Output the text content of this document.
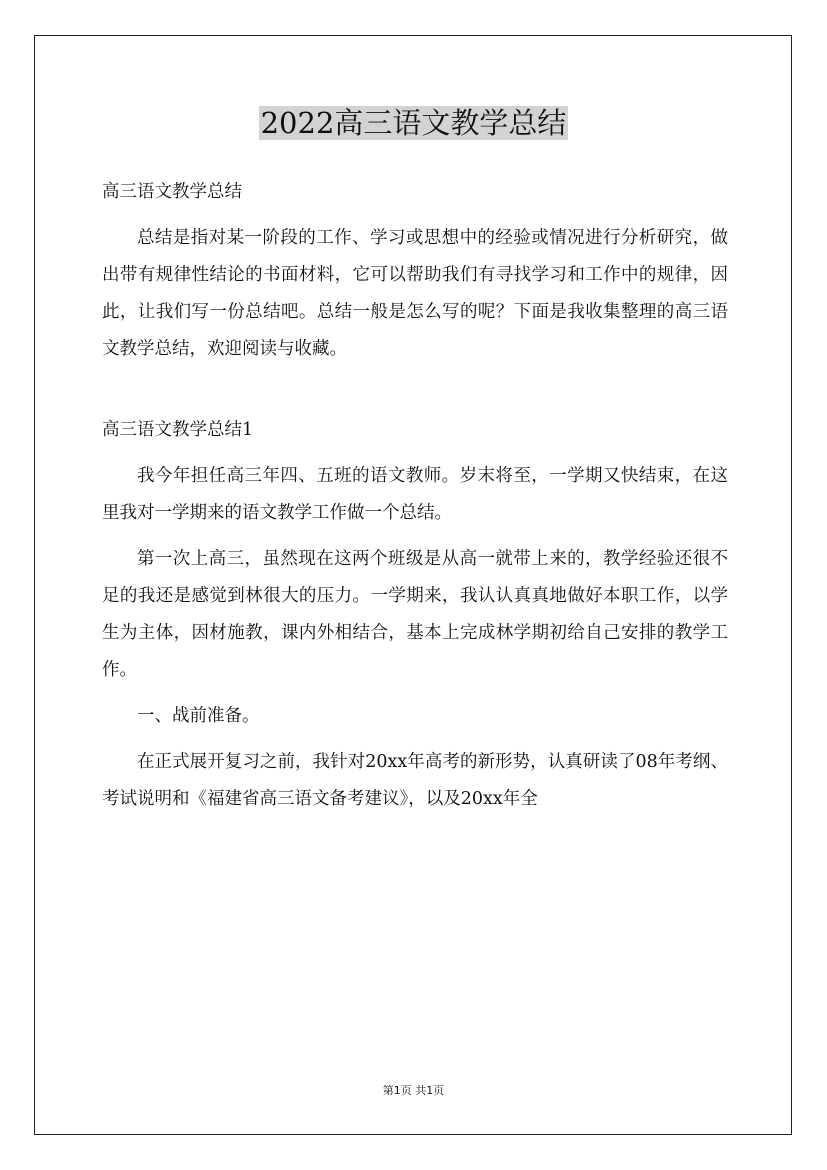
2022高三语文教学总结

高三语文教学总结

总结是指对某一阶段的工作、学习或思想中的经验或情况进行分析研究，做出带有规律性结论的书面材料，它可以帮助我们有寻找学习和工作中的规律，因此，让我们写一份总结吧。总结一般是怎么写的呢？下面是我收集整理的高三语文教学总结，欢迎阅读与收藏。

高三语文教学总结1

我今年担任高三年四、五班的语文教师。岁末将至，一学期又快结束，在这里我对一学期来的语文教学工作做一个总结。

第一次上高三，虽然现在这两个班级是从高一就带上来的，教学经验还很不足的我还是感觉到林很大的压力。一学期来，我认认真真地做好本职工作，以学生为主体，因材施教，课内外相结合，基本上完成林学期初给自己安排的教学工作。

一、战前准备。

在正式展开复习之前，我针对20xx年高考的新形势，认真研读了08年考纲、考试说明和《福建省高三语文备考建议》，以及20xx年全

第1页 共1页
